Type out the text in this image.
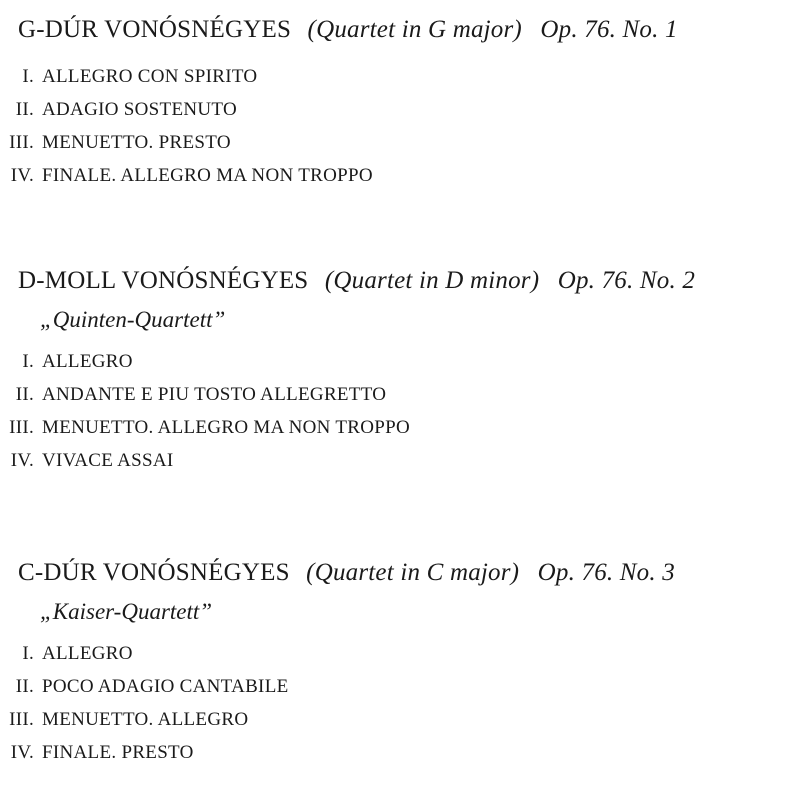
G-DÚR VONÓSNÉGYES (Quartet in G major) Op. 76. No. 1
I. ALLEGRO CON SPIRITO
II. ADAGIO SOSTENUTO
III. MENUETTO. PRESTO
IV. FINALE. ALLEGRO MA NON TROPPO
D-MOLL VONÓSNÉGYES (Quartet in D minor) Op. 76. No. 2
„Quinten-Quartett”
I. ALLEGRO
II. ANDANTE E PIU TOSTO ALLEGRETTO
III. MENUETTO. ALLEGRO MA NON TROPPO
IV. VIVACE ASSAI
C-DÚR VONÓSNÉGYES (Quartet in C major) Op. 76. No. 3
„Kaiser-Quartett”
I. ALLEGRO
II. POCO ADAGIO CANTABILE
III. MENUETTO. ALLEGRO
IV. FINALE. PRESTO
